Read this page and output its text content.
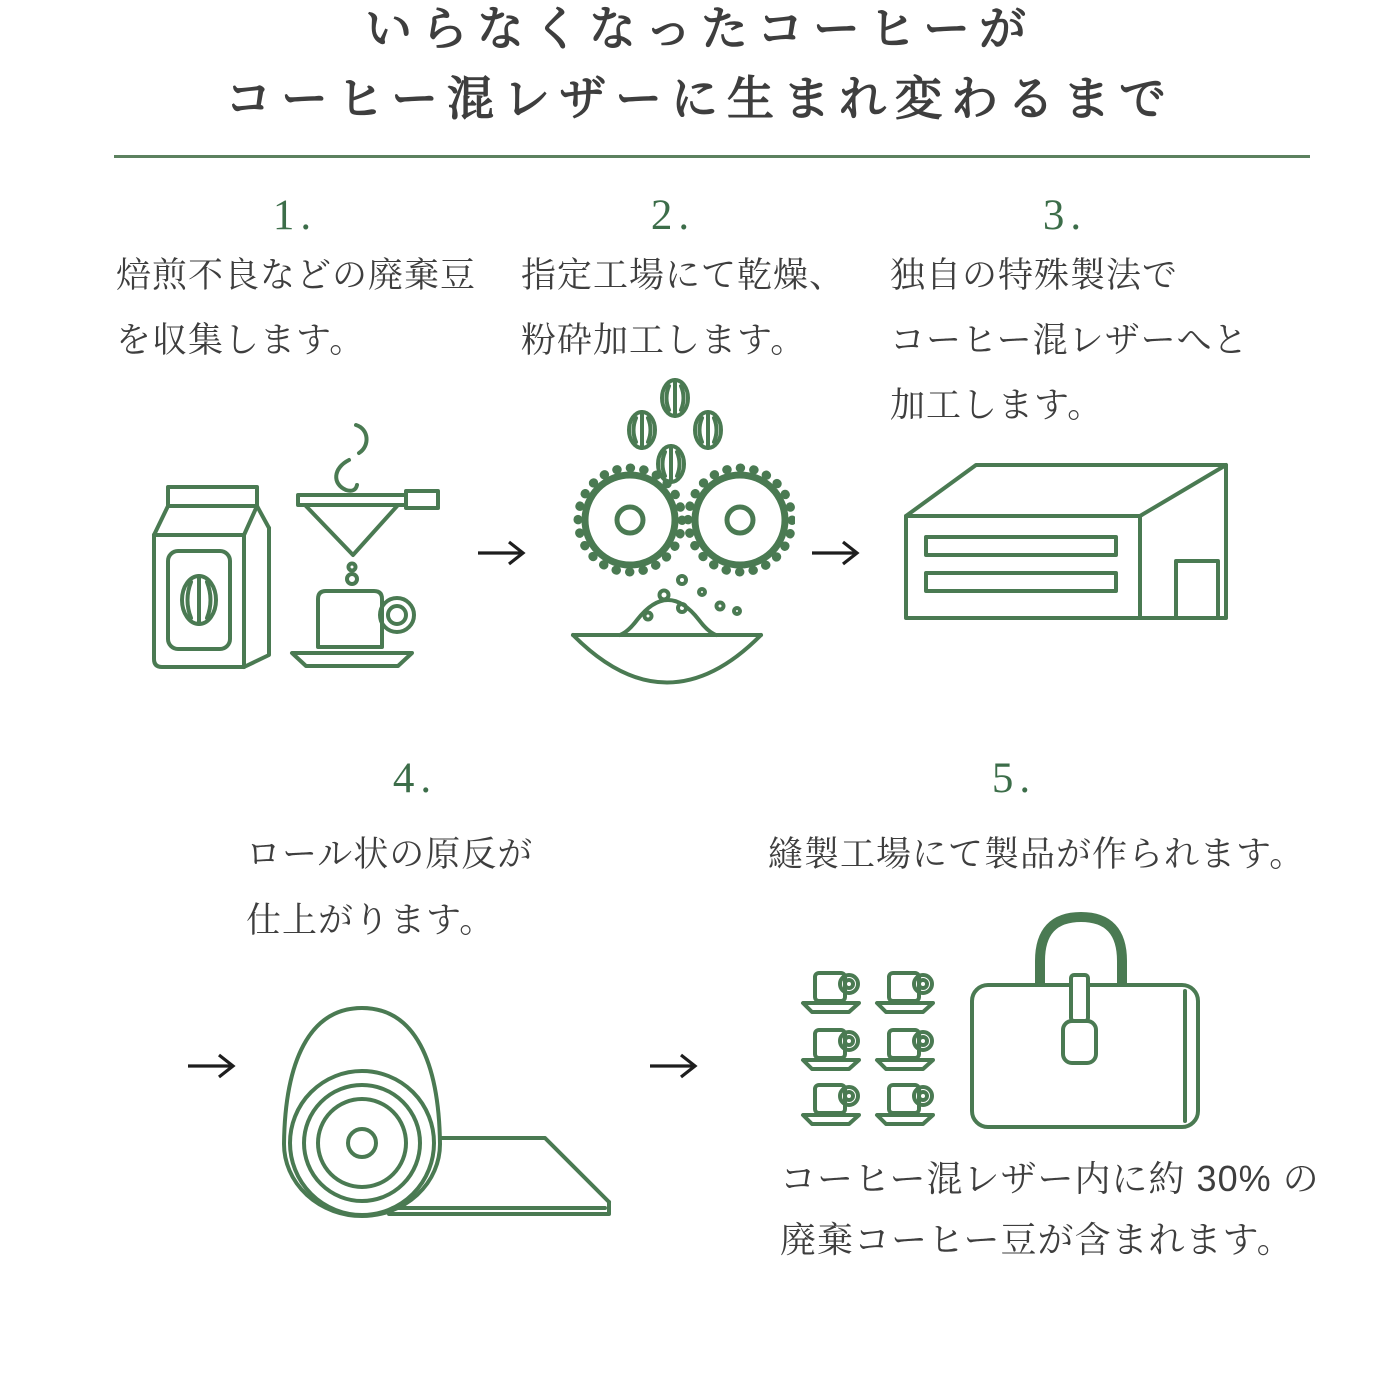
いらなくなったコーヒーが
コーヒー混レザーに生まれ変わるまで
1.	2.	3.
4.	5.
焙煎不良などの廃棄豆
を収集します。
指定工場にて乾燥、
粉砕加工します。
独自の特殊製法で
コーヒー混レザーへと
加工します。
ロール状の原反が
仕上がります。
縫製工場にて製品が作られます。
コーヒー混レザー内に約 30% の
廃棄コーヒー豆が含まれます。
